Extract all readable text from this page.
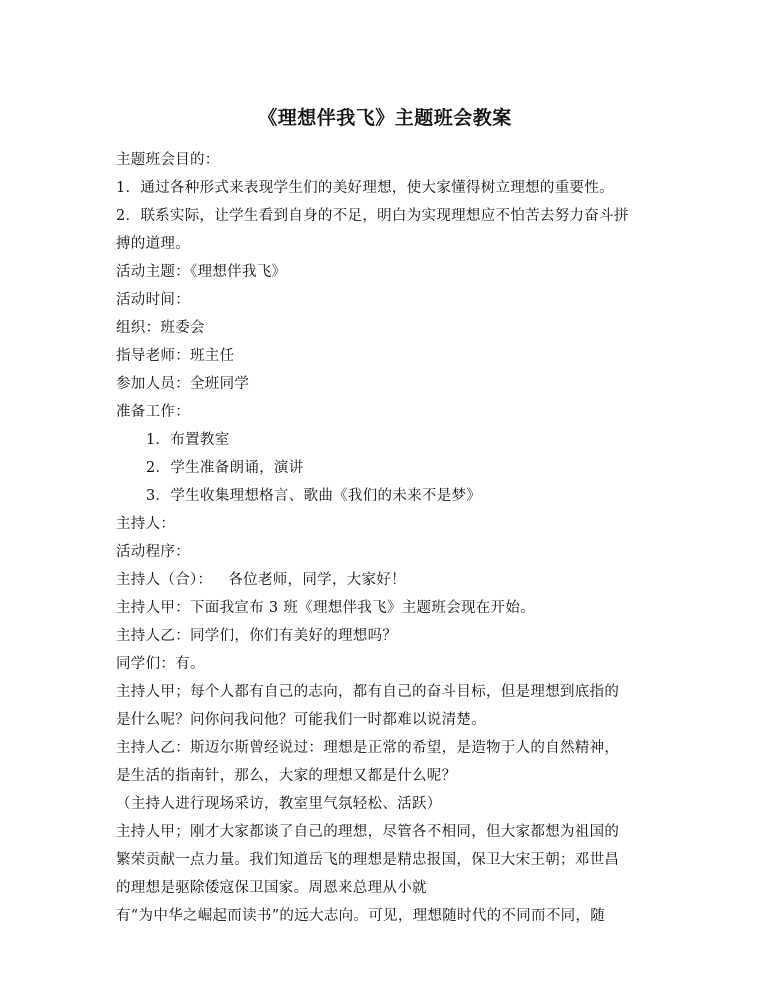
《理想伴我飞》主题班会教案

主题班会目的：

1．通过各种形式来表现学生们的美好理想，使大家懂得树立理想的重要性。

2．联系实际，让学生看到自身的不足，明白为实现理想应不怕苦去努力奋斗拼

搏的道理。

活动主题：《理想伴我飞》

活动时间：

组织：班委会

指导老师：班主任

参加人员：全班同学

准备工作：

1．布置教室

2．学生准备朗诵，演讲

3．学生收集理想格言、歌曲《我们的未来不是梦》

主持人：

活动程序：

主持人（合）： 各位老师，同学，大家好！

主持人甲：下面我宣布 3 班《理想伴我飞》主题班会现在开始。

主持人乙：同学们，你们有美好的理想吗？

同学们：有。

主持人甲；每个人都有自己的志向，都有自己的奋斗目标，但是理想到底指的

是什么呢？问你问我问他？可能我们一时都难以说清楚。

主持人乙：斯迈尔斯曾经说过：理想是正常的希望，是造物于人的自然精神，

是生活的指南针，那么，大家的理想又都是什么呢？

（主持人进行现场采访，教室里气氛轻松、活跃）

主持人甲；刚才大家都谈了自己的理想，尽管各不相同，但大家都想为祖国的

繁荣贡献一点力量。我们知道岳飞的理想是精忠报国，保卫大宋王朝；邓世昌

的理想是驱除倭寇保卫国家。周恩来总理从小就

有“为中华之崛起而读书”的远大志向。可见，理想随时代的不同而不同，随
